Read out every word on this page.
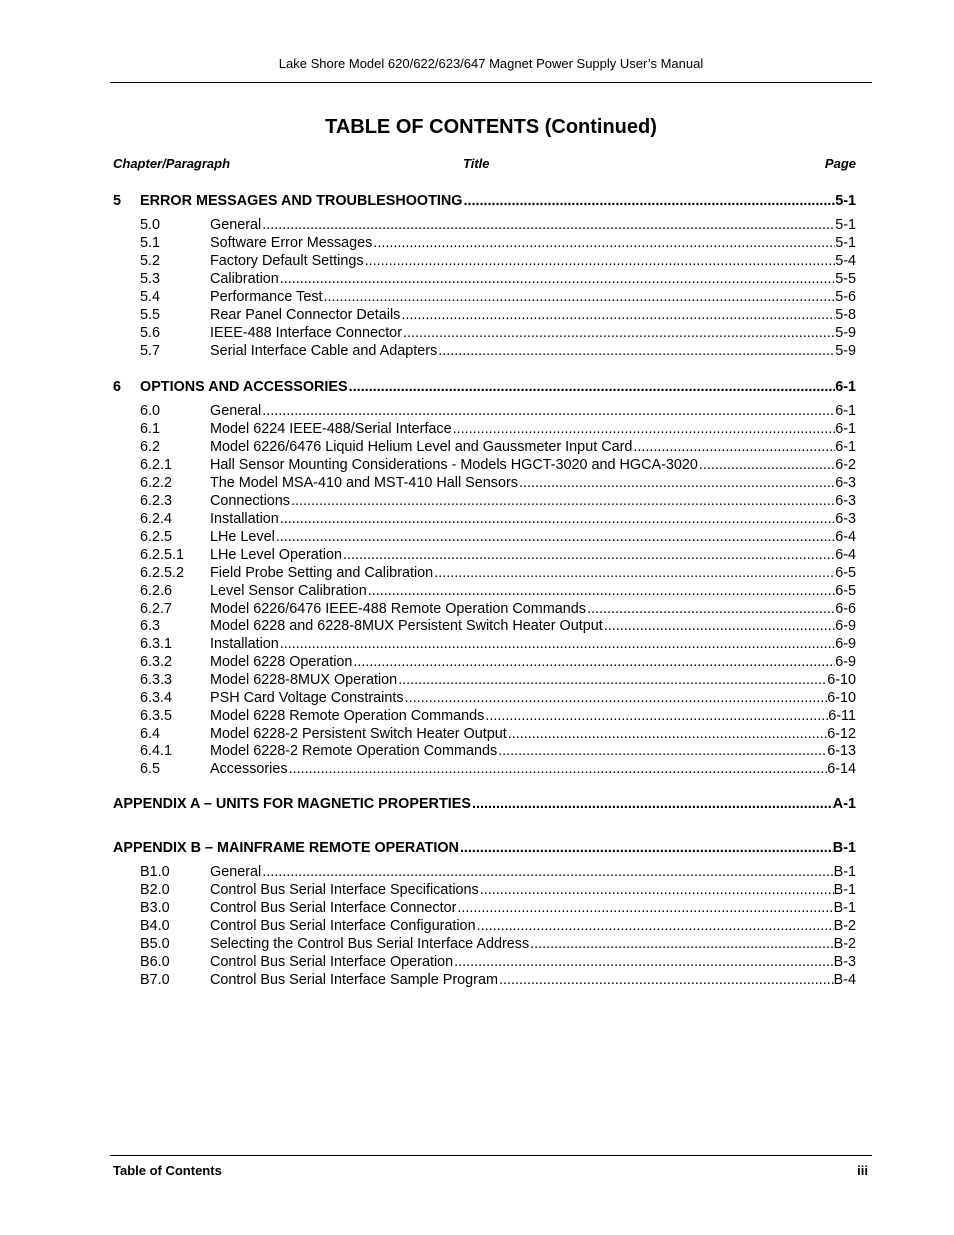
Lake Shore Model 620/622/623/647 Magnet Power Supply User’s Manual
TABLE OF CONTENTS (Continued)
Chapter/Paragraph	Title	Page
5 ERROR MESSAGES AND TROUBLESHOOTING .....	5-1
5.0	General .....	5-1
5.1	Software Error Messages .....	5-1
5.2	Factory Default Settings .....	5-4
5.3	Calibration .....	5-5
5.4	Performance Test .....	5-6
5.5	Rear Panel Connector Details .....	5-8
5.6	IEEE-488 Interface Connector .....	5-9
5.7	Serial Interface Cable and Adapters .....	5-9
6 OPTIONS AND ACCESSORIES .....	6-1
6.0	General .....	6-1
6.1	Model 6224 IEEE-488/Serial Interface .....	6-1
6.2	Model 6226/6476 Liquid Helium Level and Gaussmeter Input Card .....	6-1
6.2.1	Hall Sensor Mounting Considerations - Models HGCT-3020 and HGCA-3020 .....	6-2
6.2.2	The Model MSA-410 and MST-410 Hall Sensors .....	6-3
6.2.3	Connections .....	6-3
6.2.4	Installation .....	6-3
6.2.5	LHe Level .....	6-4
6.2.5.1 LHe Level Operation .....	6-4
6.2.5.2 Field Probe Setting and Calibration .....	6-5
6.2.6	Level Sensor Calibration .....	6-5
6.2.7	Model 6226/6476 IEEE-488 Remote Operation Commands .....	6-6
6.3	Model 6228 and 6228-8MUX Persistent Switch Heater Output .....	6-9
6.3.1	Installation .....	6-9
6.3.2	Model 6228 Operation .....	6-9
6.3.3	Model 6228-8MUX Operation .....	6-10
6.3.4	PSH Card Voltage Constraints .....	6-10
6.3.5	Model 6228 Remote Operation Commands .....	6-11
6.4	Model 6228-2 Persistent Switch Heater Output .....	6-12
6.4.1	Model 6228-2 Remote Operation Commands .....	6-13
6.5	Accessories .....	6-14
APPENDIX A – UNITS FOR MAGNETIC PROPERTIES .....	A-1
APPENDIX B – MAINFRAME REMOTE OPERATION .....	B-1
B1.0	General .....	B-1
B2.0	Control Bus Serial Interface Specifications .....	B-1
B3.0	Control Bus Serial Interface Connector .....	B-1
B4.0	Control Bus Serial Interface Configuration .....	B-2
B5.0	Selecting the Control Bus Serial Interface Address .....	B-2
B6.0	Control Bus Serial Interface Operation .....	B-3
B7.0	Control Bus Serial Interface Sample Program .....	B-4
Table of Contents	iii
